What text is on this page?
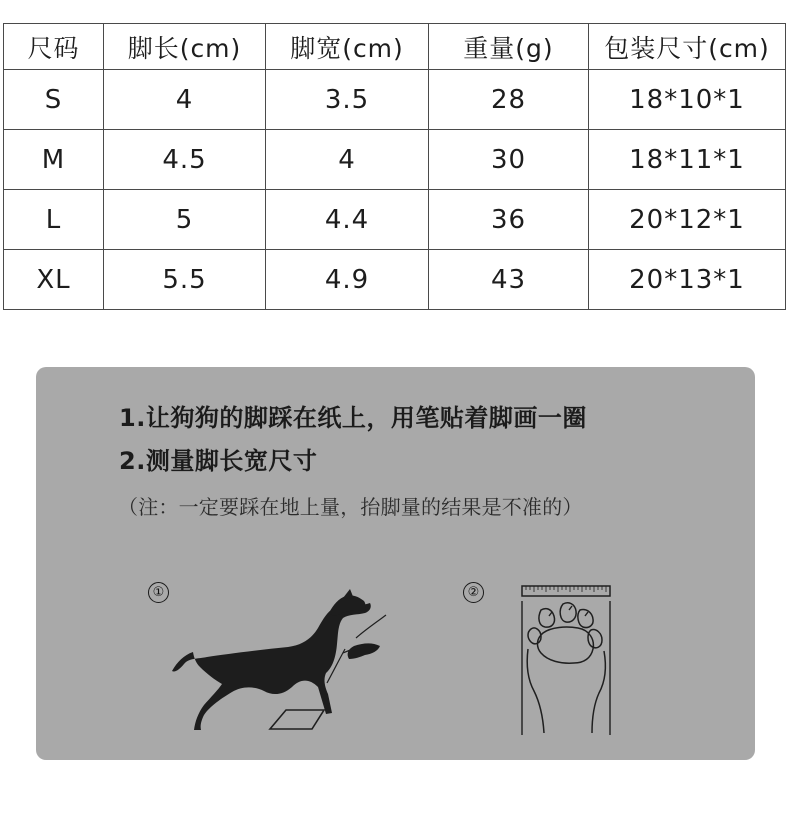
尺码	脚长(cm)	脚宽(cm)	重量(g)	包装尺寸(cm)
S	4	3.5	28	18*10*1
M	4.5	4	30	18*11*1
L	5	4.4	36	20*12*1
XL	5.5	4.9	43	20*13*1
1.让狗狗的脚踩在纸上，用笔贴着脚画一圈
2.测量脚长宽尺寸
（注：一定要踩在地上量，抬脚量的结果是不准的）
①	②
